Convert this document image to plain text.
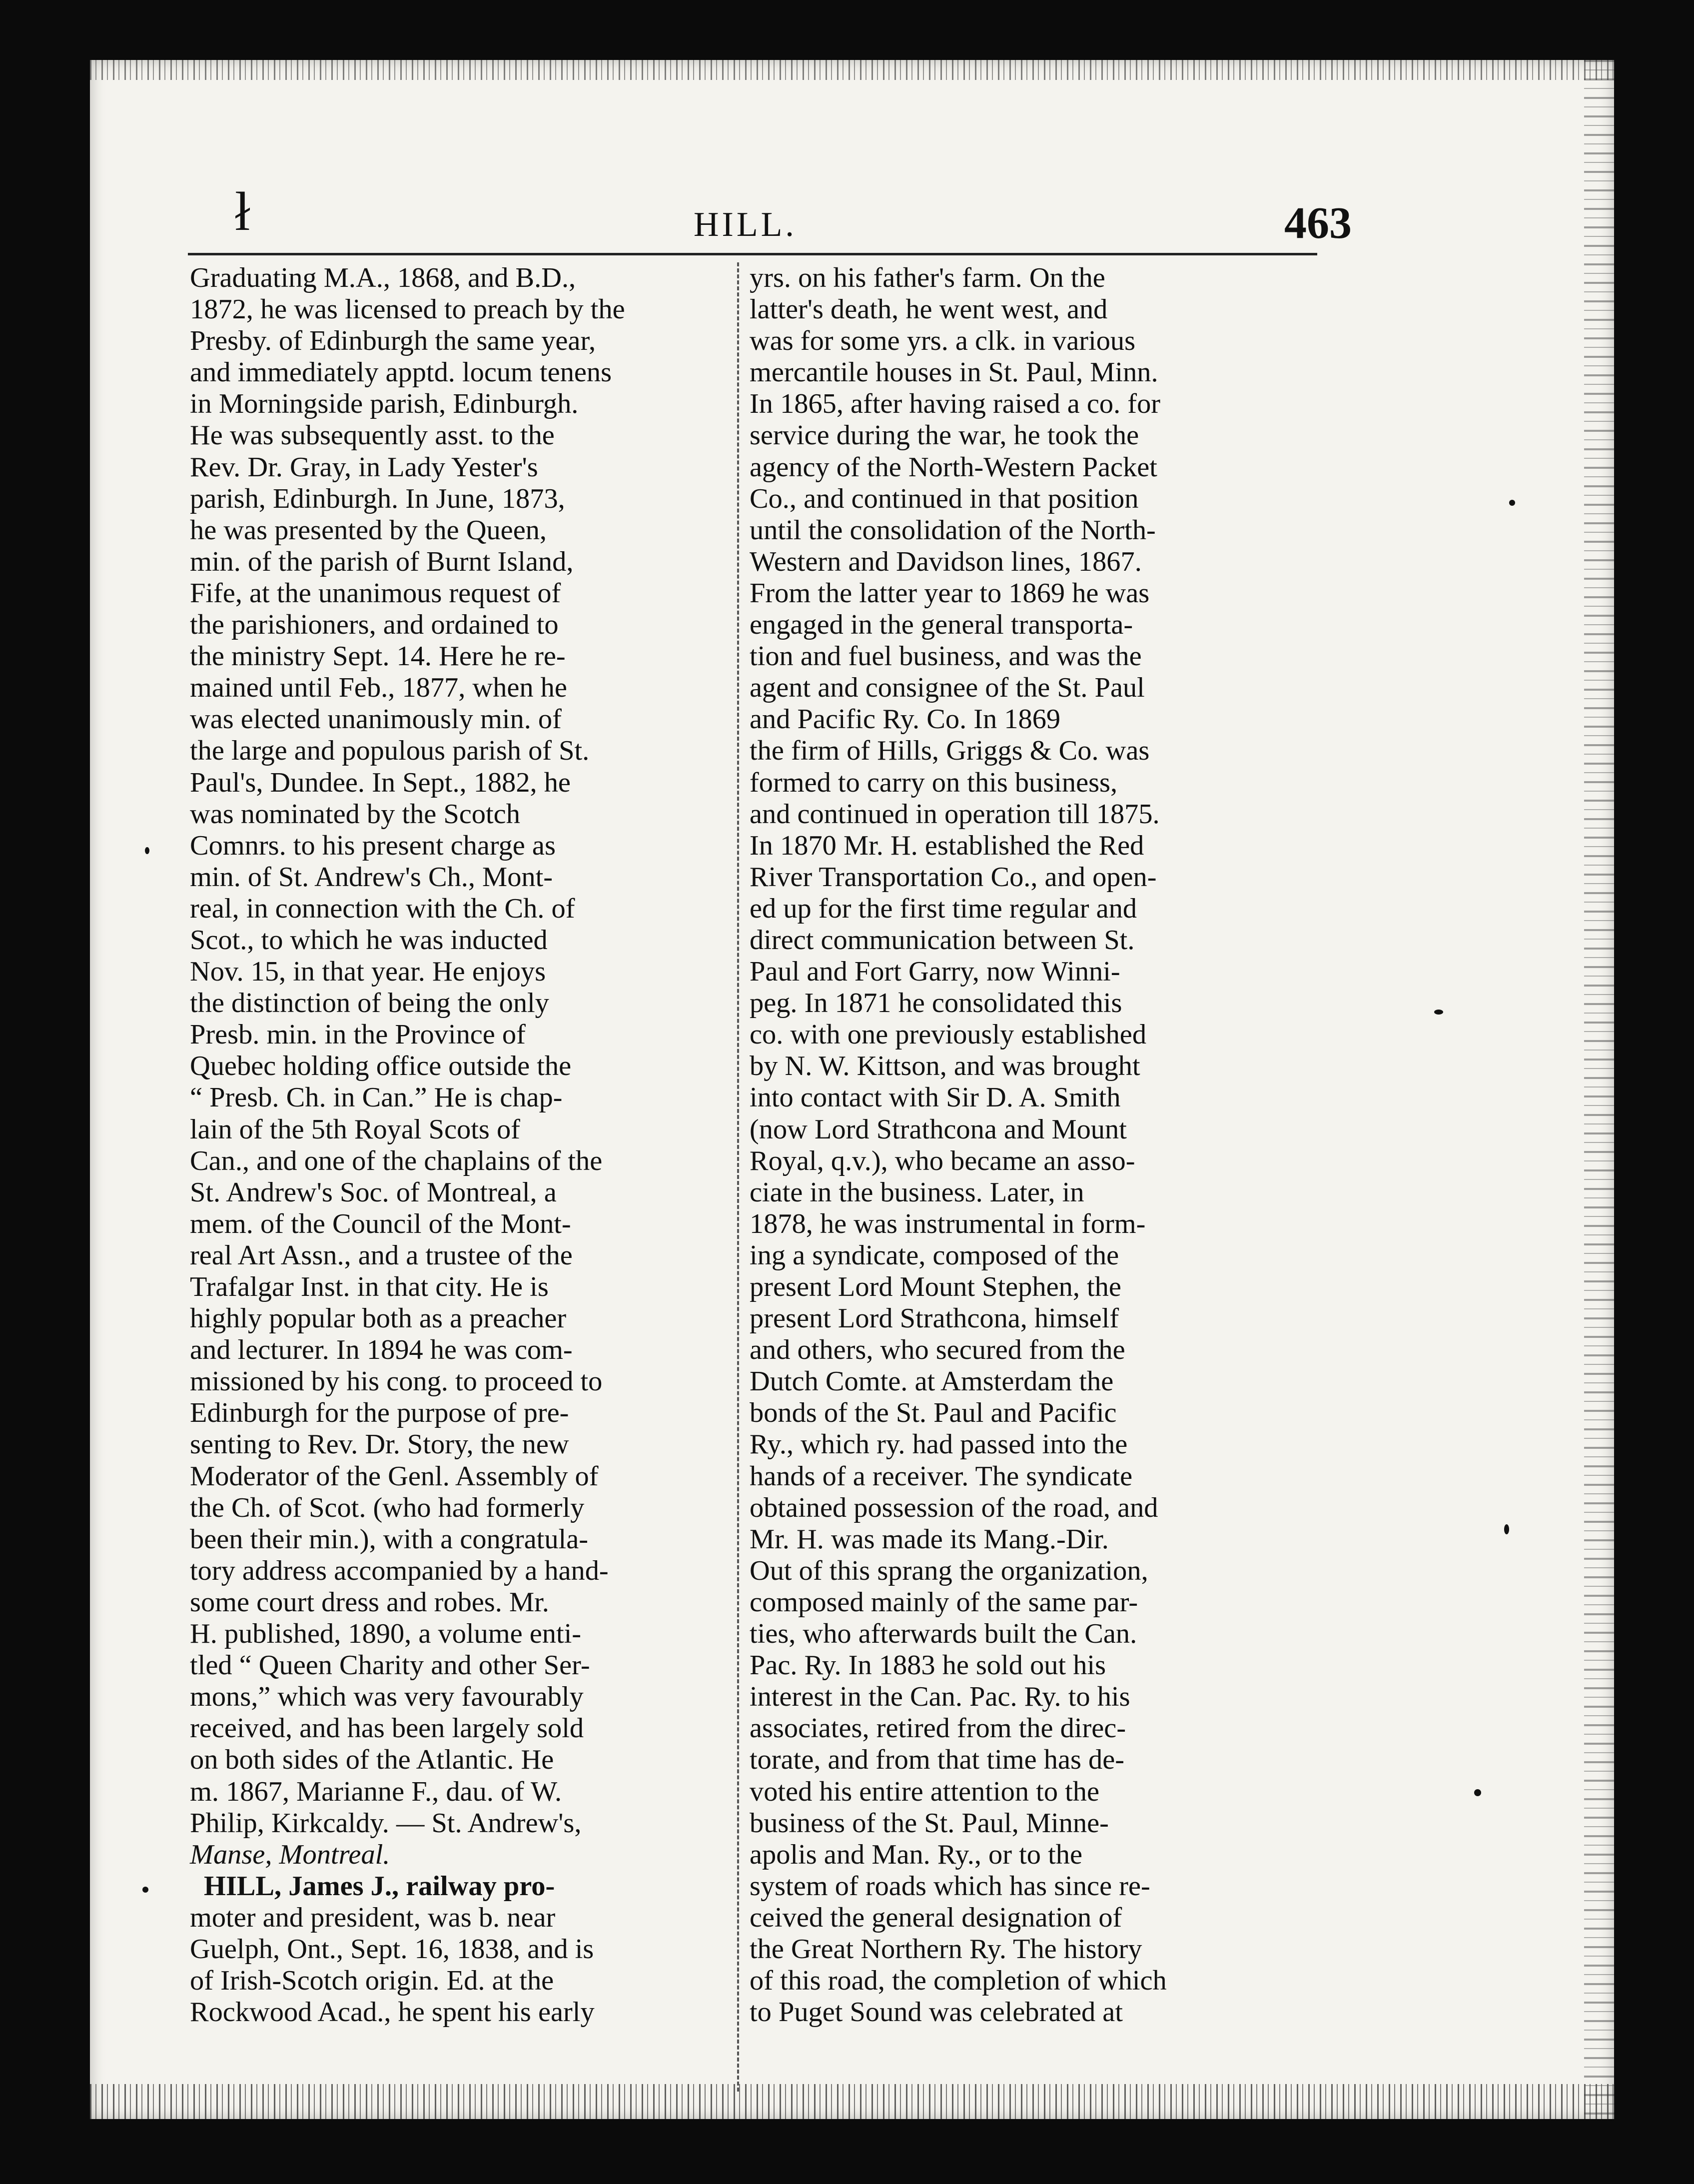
ł	HILL.	463
Graduating M.A., 1868, and B.D.,
1872, he was licensed to preach by the
Presby. of Edinburgh the same year,
and immediately apptd. locum tenens
in Morningside parish, Edinburgh.
He was subsequently asst. to the
Rev. Dr. Gray, in Lady Yester's
parish, Edinburgh. In June, 1873,
he was presented by the Queen,
min. of the parish of Burnt Island,
Fife, at the unanimous request of
the parishioners, and ordained to
the ministry Sept. 14. Here he re-
mained until Feb., 1877, when he
was elected unanimously min. of
the large and populous parish of St.
Paul's, Dundee. In Sept., 1882, he
was nominated by the Scotch
Comnrs. to his present charge as
min. of St. Andrew's Ch., Mont-
real, in connection with the Ch. of
Scot., to which he was inducted
Nov. 15, in that year. He enjoys
the distinction of being the only
Presb. min. in the Province of
Quebec holding office outside the
“ Presb. Ch. in Can.” He is chap-
lain of the 5th Royal Scots of
Can., and one of the chaplains of the
St. Andrew's Soc. of Montreal, a
mem. of the Council of the Mont-
real Art Assn., and a trustee of the
Trafalgar Inst. in that city. He is
highly popular both as a preacher
and lecturer. In 1894 he was com-
missioned by his cong. to proceed to
Edinburgh for the purpose of pre-
senting to Rev. Dr. Story, the new
Moderator of the Genl. Assembly of
the Ch. of Scot. (who had formerly
been their min.), with a congratula-
tory address accompanied by a hand-
some court dress and robes. Mr.
H. published, 1890, a volume enti-
tled “ Queen Charity and other Ser-
mons,” which was very favourably
received, and has been largely sold
on both sides of the Atlantic. He
m. 1867, Marianne F., dau. of W.
Philip, Kirkcaldy. — St. Andrew's,
Manse, Montreal.
HILL, James J., railway pro-
moter and president, was b. near
Guelph, Ont., Sept. 16, 1838, and is
of Irish-Scotch origin. Ed. at the
Rockwood Acad., he spent his early
yrs. on his father's farm. On the
latter's death, he went west, and
was for some yrs. a clk. in various
mercantile houses in St. Paul, Minn.
In 1865, after having raised a co. for
service during the war, he took the
agency of the North-Western Packet
Co., and continued in that position
until the consolidation of the North-
Western and Davidson lines, 1867.
From the latter year to 1869 he was
engaged in the general transporta-
tion and fuel business, and was the
agent and consignee of the St. Paul
and Pacific Ry. Co. In 1869
the firm of Hills, Griggs & Co. was
formed to carry on this business,
and continued in operation till 1875.
In 1870 Mr. H. established the Red
River Transportation Co., and open-
ed up for the first time regular and
direct communication between St.
Paul and Fort Garry, now Winni-
peg. In 1871 he consolidated this
co. with one previously established
by N. W. Kittson, and was brought
into contact with Sir D. A. Smith
(now Lord Strathcona and Mount
Royal, q.v.), who became an asso-
ciate in the business. Later, in
1878, he was instrumental in form-
ing a syndicate, composed of the
present Lord Mount Stephen, the
present Lord Strathcona, himself
and others, who secured from the
Dutch Comte. at Amsterdam the
bonds of the St. Paul and Pacific
Ry., which ry. had passed into the
hands of a receiver. The syndicate
obtained possession of the road, and
Mr. H. was made its Mang.-Dir.
Out of this sprang the organization,
composed mainly of the same par-
ties, who afterwards built the Can.
Pac. Ry. In 1883 he sold out his
interest in the Can. Pac. Ry. to his
associates, retired from the direc-
torate, and from that time has de-
voted his entire attention to the
business of the St. Paul, Minne-
apolis and Man. Ry., or to the
system of roads which has since re-
ceived the general designation of
the Great Northern Ry. The history
of this road, the completion of which
to Puget Sound was celebrated at
